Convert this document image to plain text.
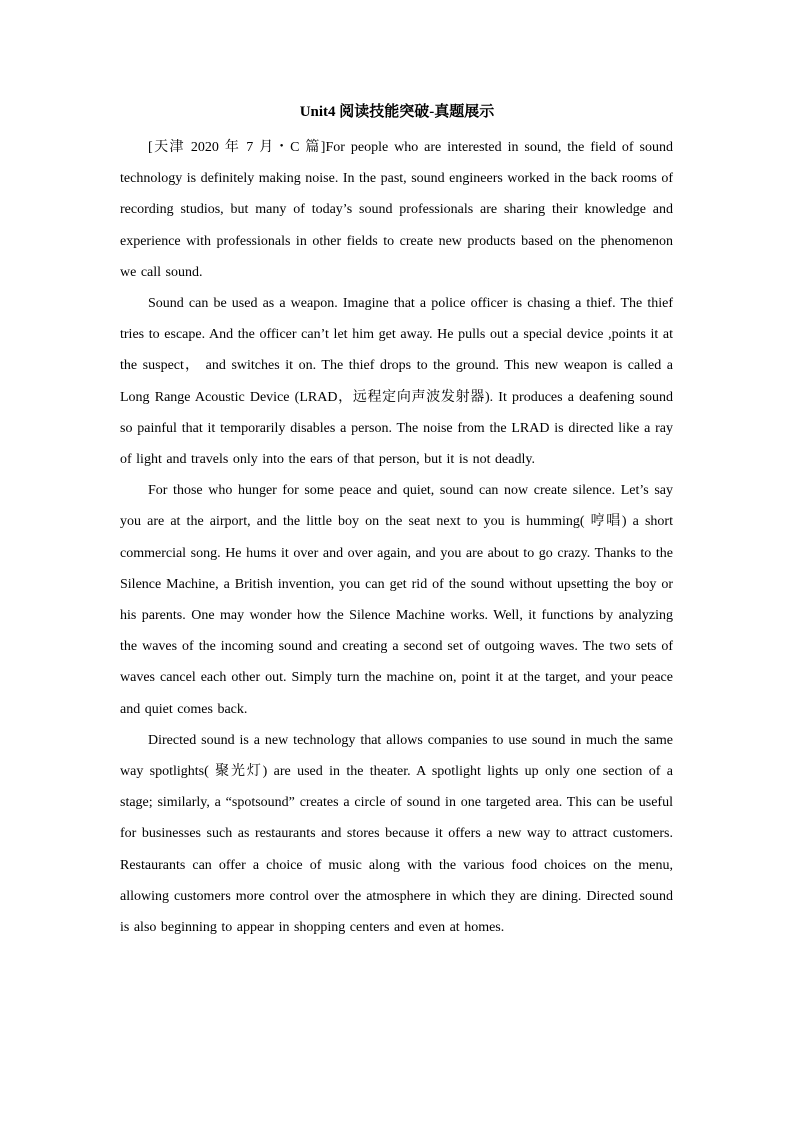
Unit4 阅读技能突破-真题展示

[天津 2020 年 7 月・C 篇]For people who are interested in sound, the field of sound technology is definitely making noise. In the past, sound engineers worked in the back rooms of recording studios, but many of today’s sound professionals are sharing their knowledge and experience with professionals in other fields to create new products based on the phenomenon we call sound.

Sound can be used as a weapon. Imagine that a police officer is chasing a thief. The thief tries to escape. And the officer can’t let him get away. He pulls out a special device ,points it at the suspect， and switches it on. The thief drops to the ground. This new weapon is called a Long Range Acoustic Device (LRAD，远程定向声波发射器). It produces a deafening sound so painful that it temporarily disables a person. The noise from the LRAD is directed like a ray of light and travels only into the ears of that person, but it is not deadly.

For those who hunger for some peace and quiet, sound can now create silence. Let’s say you are at the airport, and the little boy on the seat next to you is humming( 哼唱) a short commercial song. He hums it over and over again, and you are about to go crazy. Thanks to the Silence Machine, a British invention, you can get rid of the sound without upsetting the boy or his parents. One may wonder how the Silence Machine works. Well, it functions by analyzing the waves of the incoming sound and creating a second set of outgoing waves. The two sets of waves cancel each other out. Simply turn the machine on, point it at the target, and your peace and quiet comes back.

Directed sound is a new technology that allows companies to use sound in much the same way spotlights( 聚光灯) are used in the theater. A spotlight lights up only one section of a stage; similarly, a “spotsound” creates a circle of sound in one targeted area. This can be useful for businesses such as restaurants and stores because it offers a new way to attract customers. Restaurants can offer a choice of music along with the various food choices on the menu, allowing customers more control over the atmosphere in which they are dining. Directed sound is also beginning to appear in shopping centers and even at homes.
